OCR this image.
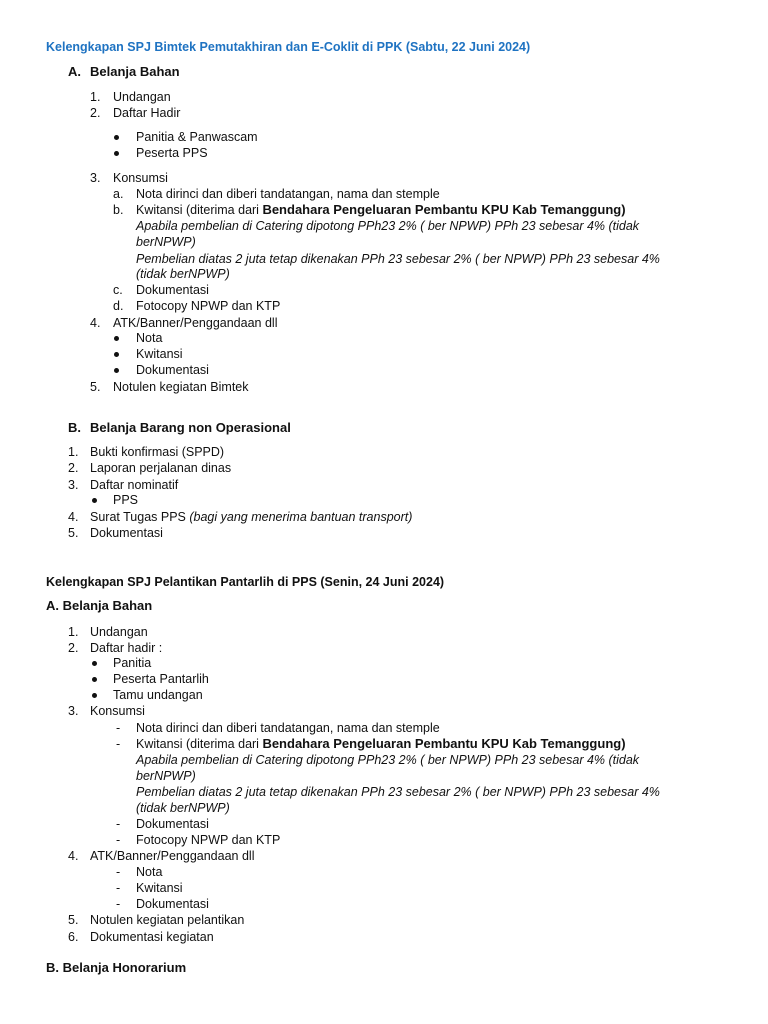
Kelengkapan SPJ Bimtek Pemutakhiran dan E-Coklit di PPK (Sabtu, 22 Juni 2024)
A. Belanja Bahan
1. Undangan
2. Daftar Hadir
Panitia & Panwascam
Peserta PPS
3. Konsumsi
a. Nota dirinci dan diberi tandatangan, nama dan stemple
b. Kwitansi (diterima dari Bendahara Pengeluaran Pembantu KPU Kab Temanggung)
Apabila pembelian di Catering dipotong PPh23 2% ( ber NPWP) PPh 23 sebesar 4% (tidak
berNPWP)
Pembelian diatas 2 juta tetap dikenakan PPh 23 sebesar 2% ( ber NPWP) PPh 23 sebesar 4%
(tidak berNPWP)
c. Dokumentasi
d. Fotocopy NPWP dan KTP
4. ATK/Banner/Penggandaan dll
Nota
Kwitansi
Dokumentasi
5. Notulen kegiatan Bimtek
B. Belanja Barang non Operasional
1. Bukti konfirmasi (SPPD)
2. Laporan perjalanan dinas
3. Daftar nominatif
PPS
4. Surat Tugas PPS (bagi yang menerima bantuan transport)
5. Dokumentasi
Kelengkapan SPJ Pelantikan Pantarlih di PPS (Senin, 24 Juni 2024)
A. Belanja Bahan
1. Undangan
2. Daftar hadir :
Panitia
Peserta Pantarlih
Tamu undangan
3. Konsumsi
- Nota dirinci dan diberi tandatangan, nama dan stemple
- Kwitansi (diterima dari Bendahara Pengeluaran Pembantu KPU Kab Temanggung)
Apabila pembelian di Catering dipotong PPh23 2% ( ber NPWP) PPh 23 sebesar 4% (tidak
berNPWP)
Pembelian diatas 2 juta tetap dikenakan PPh 23 sebesar 2% ( ber NPWP) PPh 23 sebesar 4%
(tidak berNPWP)
- Dokumentasi
- Fotocopy NPWP dan KTP
4. ATK/Banner/Penggandaan dll
- Nota
- Kwitansi
- Dokumentasi
5. Notulen kegiatan pelantikan
6. Dokumentasi kegiatan
B. Belanja Honorarium
